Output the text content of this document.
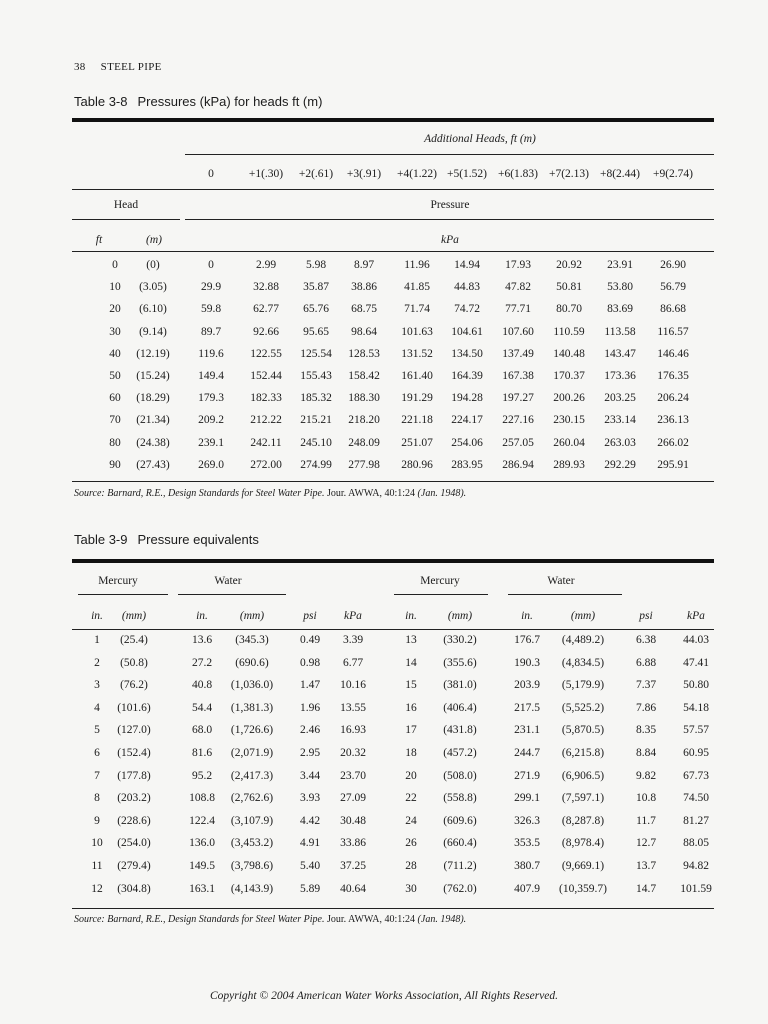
38 STEEL PIPE
Table 3-8 Pressures (kPa) for heads ft (m)
Additional Heads, ft (m)
0	+1(.30)	+2(.61)	+3(.91)	+4(1.22) +5(1.52) +6(1.83) +7(2.13) +8(2.44)	+9(2.74)
Head	Pressure
ft	(m)	kPa
0	(0)	0	2.99	5.98	8.97	11.96	14.94	17.93	20.92	23.91	26.90
10	(3.05)	29.9	32.88	35.87	38.86	41.85	44.83	47.82	50.81	53.80	56.79
20	(6.10)	59.8	62.77	65.76	68.75	71.74	74.72	77.71	80.70	83.69	86.68
30	(9.14)	89.7	92.66	95.65	98.64	101.63	104.61	107.60	110.59	113.58	116.57
40	(12.19)	119.6	122.55	125.54	128.53	131.52	134.50	137.49	140.48	143.47	146.46
50	(15.24)	149.4	152.44	155.43	158.42	161.40	164.39	167.38	170.37	173.36	176.35
60	(18.29)	179.3	182.33	185.32	188.30	191.29	194.28	197.27	200.26	203.25	206.24
70	(21.34)	209.2	212.22	215.21	218.20	221.18	224.17	227.16	230.15	233.14	236.13
80	(24.38)	239.1	242.11	245.10	248.09	251.07	254.06	257.05	260.04	263.03	266.02
90	(27.43)	269.0	272.00	274.99	277.98	280.96	283.95	286.94	289.93	292.29	295.91
Source: Barnard, R.E., Design Standards for Steel Water Pipe. Jour. AWWA, 40:1:24 (Jan. 1948).
Table 3-9 Pressure equivalents
Mercury	Water	Mercury	Water
in.	(mm)	in.	(mm)	psi	kPa	in.	(mm)	in.	(mm)	psi	kPa
1	(25.4)	13.6	(345.3)	0.49	3.39	13	(330.2)	176.7	(4,489.2)	6.38	44.03
2	(50.8)	27.2	(690.6)	0.98	6.77	14	(355.6)	190.3	(4,834.5)	6.88	47.41
3	(76.2)	40.8	(1,036.0)	1.47	10.16	15	(381.0)	203.9	(5,179.9)	7.37	50.80
4	(101.6)	54.4	(1,381.3)	1.96	13.55	16	(406.4)	217.5	(5,525.2)	7.86	54.18
5	(127.0)	68.0	(1,726.6)	2.46	16.93	17	(431.8)	231.1	(5,870.5)	8.35	57.57
6	(152.4)	81.6	(2,071.9)	2.95	20.32	18	(457.2)	244.7	(6,215.8)	8.84	60.95
7	(177.8)	95.2	(2,417.3)	3.44	23.70	20	(508.0)	271.9	(6,906.5)	9.82	67.73
8	(203.2)	108.8	(2,762.6)	3.93	27.09	22	(558.8)	299.1	(7,597.1)	10.8	74.50
9	(228.6)	122.4	(3,107.9)	4.42	30.48	24	(609.6)	326.3	(8,287.8)	11.7	81.27
10	(254.0)	136.0	(3,453.2)	4.91	33.86	26	(660.4)	353.5	(8,978.4)	12.7	88.05
11	(279.4)	149.5	(3,798.6)	5.40	37.25	28	(711.2)	380.7	(9,669.1)	13.7	94.82
12	(304.8)	163.1	(4,143.9)	5.89	40.64	30	(762.0)	407.9	(10,359.7)	14.7	101.59
Source: Barnard, R.E., Design Standards for Steel Water Pipe. Jour. AWWA, 40:1:24 (Jan. 1948).
Copyright © 2004 American Water Works Association, All Rights Reserved.
